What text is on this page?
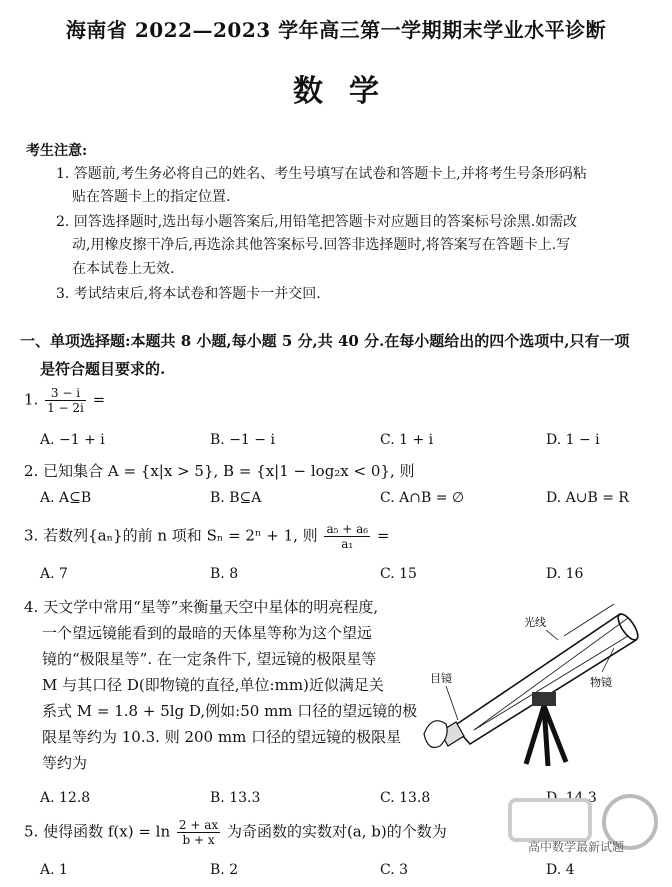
海南省 2022—2023 学年高三第一学期期末学业水平诊断
数学
考生注意:
1. 答题前,考生务必将自己的姓名、考生号填写在试卷和答题卡上,并将考生号条形码粘
贴在答题卡上的指定位置.
2. 回答选择题时,选出每小题答案后,用铅笔把答题卡对应题目的答案标号涂黑.如需改
动,用橡皮擦干净后,再选涂其他答案标号.回答非选择题时,将答案写在答题卡上.写
在本试卷上无效.
3. 考试结束后,将本试卷和答题卡一并交回.
一、单项选择题:本题共 8 小题,每小题 5 分,共 40 分.在每小题给出的四个选项中,只有一项
是符合题目要求的.
1. $\frac{3 - i}{1 - 2i}$ =
A. −1 + i	B. −1 − i	C. 1 + i	D. 1 − i
2. 已知集合 A = {x|x > 5}, B = {x|1 − log₂x < 0}, 则
A. A⊆B	B. B⊆A	C. A∩B = ∅	D. A∪B = R
3. 若数列{aₙ}的前 n 项和 Sₙ = 2ⁿ + 1, 则 $\frac{\text{a₅ + a₆}}{\text{a₁}}$ =
A. 7	B. 8	C. 15	D. 16
4. 天文学中常用“星等”来衡量天空中星体的明亮程度,
一个望远镜能看到的最暗的天体星等称为这个望远
镜的“极限星等”. 在一定条件下, 望远镜的极限星等
M 与其口径 D(即物镜的直径,单位:mm)近似满足关
系式 M = 1.8 + 5lg D,例如:50 mm 口径的望远镜的极
限星等约为 10.3. 则 200 mm 口径的望远镜的极限星
等约为
光线
目镜	物镜
A. 12.8	B. 13.3	C. 13.8	D. 14.3
5. 使得函数 $f(x) = \ln \frac{2 + ax}{b + x}$ 为奇函数的实数对(a, b)的个数为
A. 1	B. 2	C. 3	D. 4
高中数学最新试题
